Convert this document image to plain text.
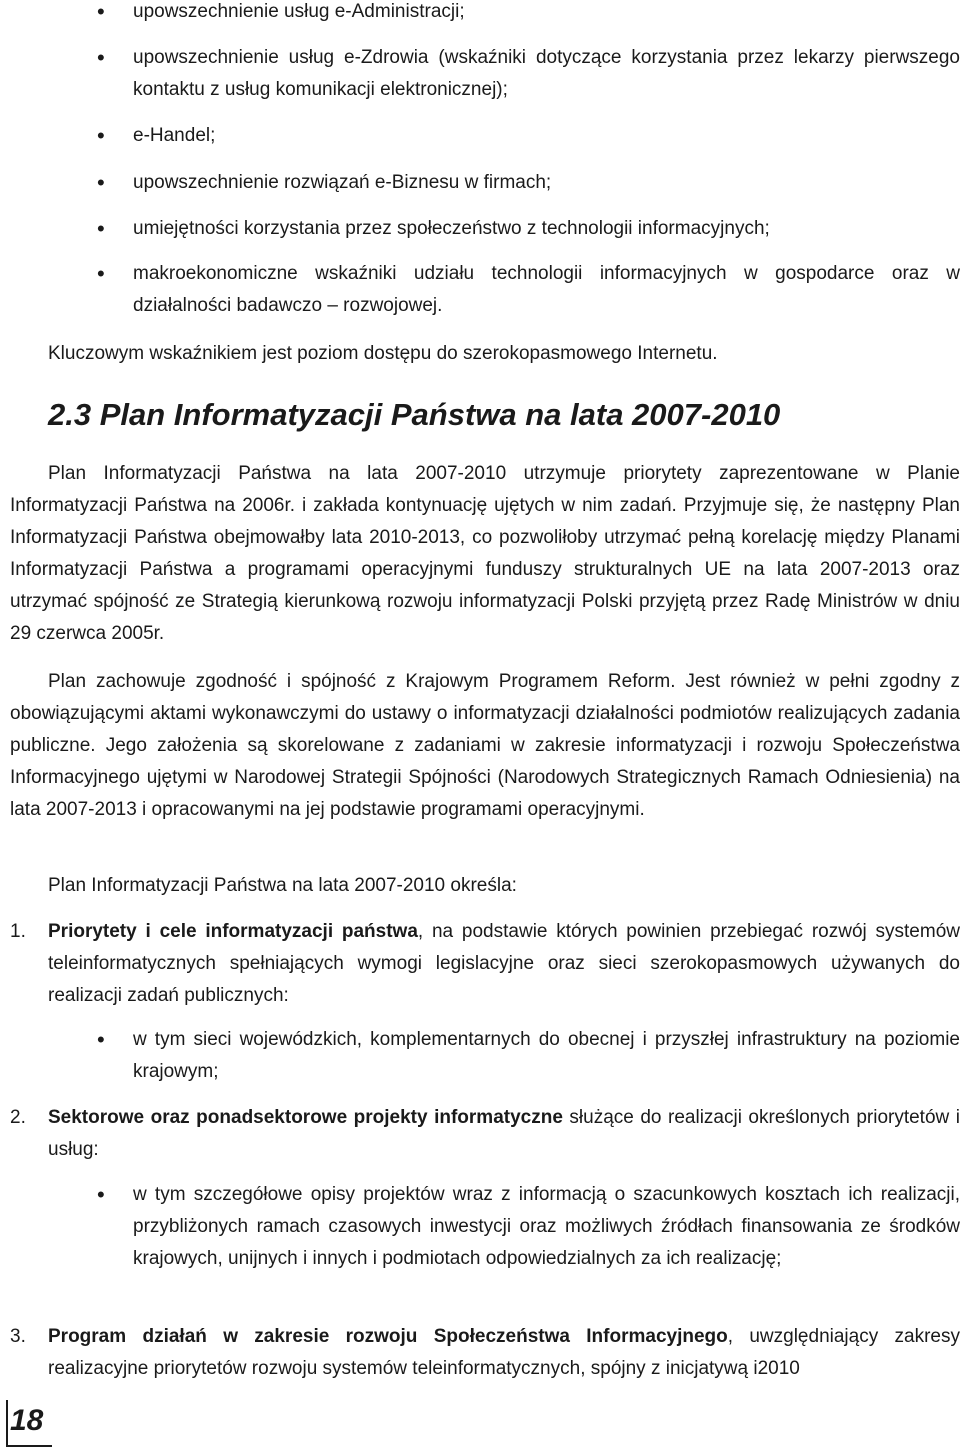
•
upowszechnienie usług e-Administracji;
•
upowszechnienie usług e-Zdrowia (wskaźniki dotyczące korzystania przez lekarzy pierwszego kontaktu z usług komunikacji elektronicznej);
•
e-Handel;
•
upowszechnienie rozwiązań e-Biznesu w firmach;
•
umiejętności korzystania przez społeczeństwo z technologii informacyjnych;
•
makroekonomiczne wskaźniki udziału technologii informacyjnych w gospodarce oraz w działalności badawczo – rozwojowej.
Kluczowym wskaźnikiem jest poziom dostępu do szerokopasmowego Internetu.
2.3 Plan Informatyzacji Państwa na lata 2007-2010
Plan Informatyzacji Państwa na lata 2007-2010 utrzymuje priorytety zaprezentowane w Planie Informatyzacji Państwa na 2006r. i zakłada kontynuację ujętych w nim zadań. Przyjmuje się, że następny Plan Informatyzacji Państwa obejmowałby lata 2010-2013, co pozwoliłoby utrzymać pełną korelację między Planami Informatyzacji Państwa a programami operacyjnymi funduszy strukturalnych UE na lata 2007-2013 oraz utrzymać spójność ze Strategią kierunkową rozwoju informatyzacji Polski przyjętą przez Radę Ministrów w dniu 29 czerwca 2005r.
Plan zachowuje zgodność i spójność z Krajowym Programem Reform. Jest również w pełni zgodny z obowiązującymi aktami wykonawczymi do ustawy o informatyzacji działalności podmiotów realizujących zadania publiczne. Jego założenia są skorelowane z zadaniami w zakresie informatyzacji i rozwoju Społeczeństwa Informacyjnego ujętymi w Narodowej Strategii Spójności (Narodowych Strategicznych Ramach Odniesienia) na lata 2007-2013 i opracowanymi na jej podstawie programami operacyjnymi.
Plan Informatyzacji Państwa na lata 2007-2010 określa:
1.	Priorytety i cele informatyzacji państwa, na podstawie których powinien przebiegać rozwój systemów teleinformatycznych spełniających wymogi legislacyjne oraz sieci szerokopasmowych używanych do realizacji zadań publicznych:
•
w tym sieci wojewódzkich, komplementarnych do obecnej i przyszłej infrastruktury na poziomie krajowym;
2.	Sektorowe oraz ponadsektorowe projekty informatyczne służące do realizacji określonych priorytetów i usług:
•
w tym szczegółowe opisy projektów wraz z informacją o szacunkowych kosztach ich realizacji, przybliżonych ramach czasowych inwestycji oraz możliwych źródłach finansowania ze środków krajowych, unijnych i innych i podmiotach odpowiedzialnych za ich realizację;
3.	Program działań w zakresie rozwoju Społeczeństwa Informacyjnego, uwzględniający zakresy realizacyjne priorytetów rozwoju systemów teleinformatycznych, spójny z inicjatywą i2010
18
